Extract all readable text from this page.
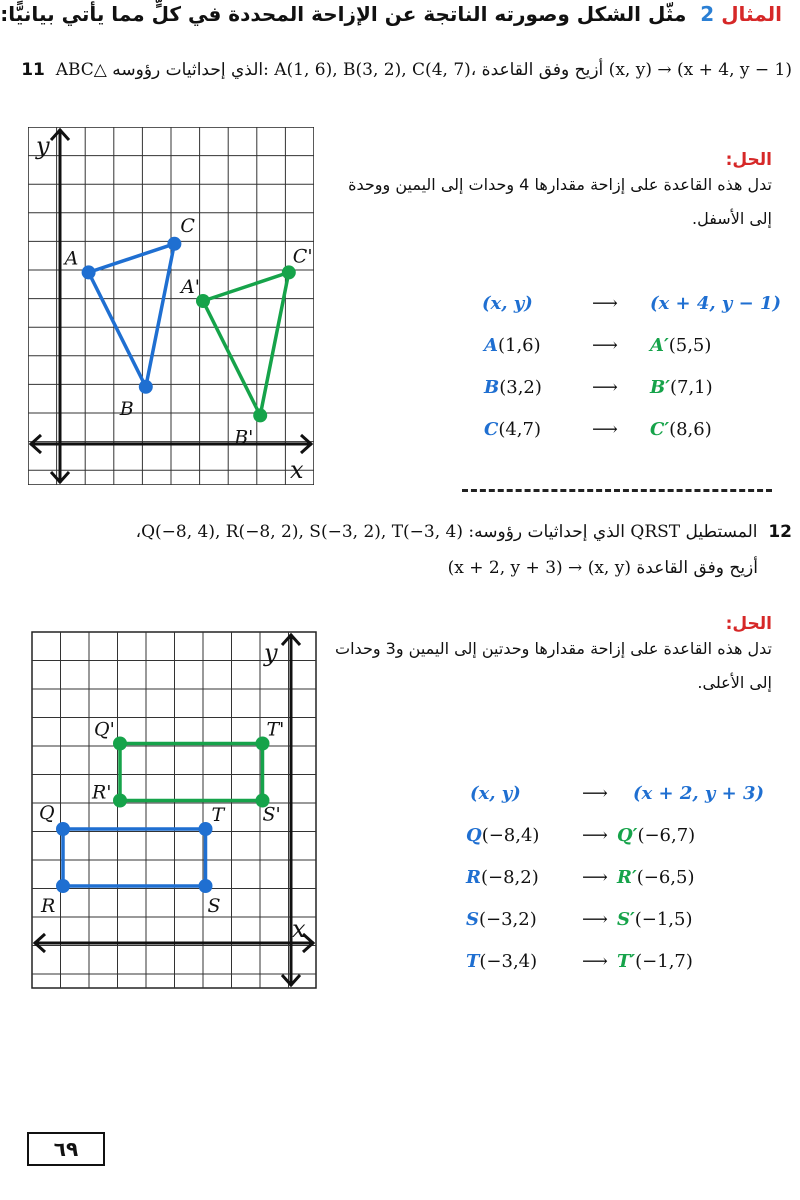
المثال 2  مثّل الشكل وصورته الناتجة عن الإزاحة المحددة في كلٍّ مما يأتي بيانيًّا:
11 ABC△ الذي إحداثيات رؤوسه: A(1, 6), B(3, 2), C(4, 7)، أزيح وفق القاعدة (x, y) → (x + 4, y − 1)
y
x
A
B
C
A'
B'
C'
الحل:
تدل هذه القاعدة على إزاحة مقدارها 4 وحدات إلى اليمين ووحدة إلى الأسفل.
(x, y)	⟶ (x + 4, y − 1)
A(1,6)	⟶ A′(5,5)
B(3,2)	⟶ B′(7,1)
C(4,7)	⟶ C′(8,6)
12  المستطيل QRST الذي إحداثيات رؤوسه: Q(−8, 4), R(−8, 2), S(−3, 2), T(−3, 4)،
أزيح وفق القاعدة (x, y) → (x + 2, y + 3)
y
x
Q
R	S
T
Q'
R'
S'
T'
الحل:
تدل هذه القاعدة على إزاحة مقدارها وحدتين إلى اليمين و3 وحدات إلى الأعلى.
(x, y)	⟶ (x + 2, y + 3)
Q(−8,4) ⟶ Q′(−6,7)
R(−8,2) ⟶ R′(−6,5)
S(−3,2)	⟶ S′(−1,5)
T(−3,4) ⟶ T′(−1,7)
٦٩
